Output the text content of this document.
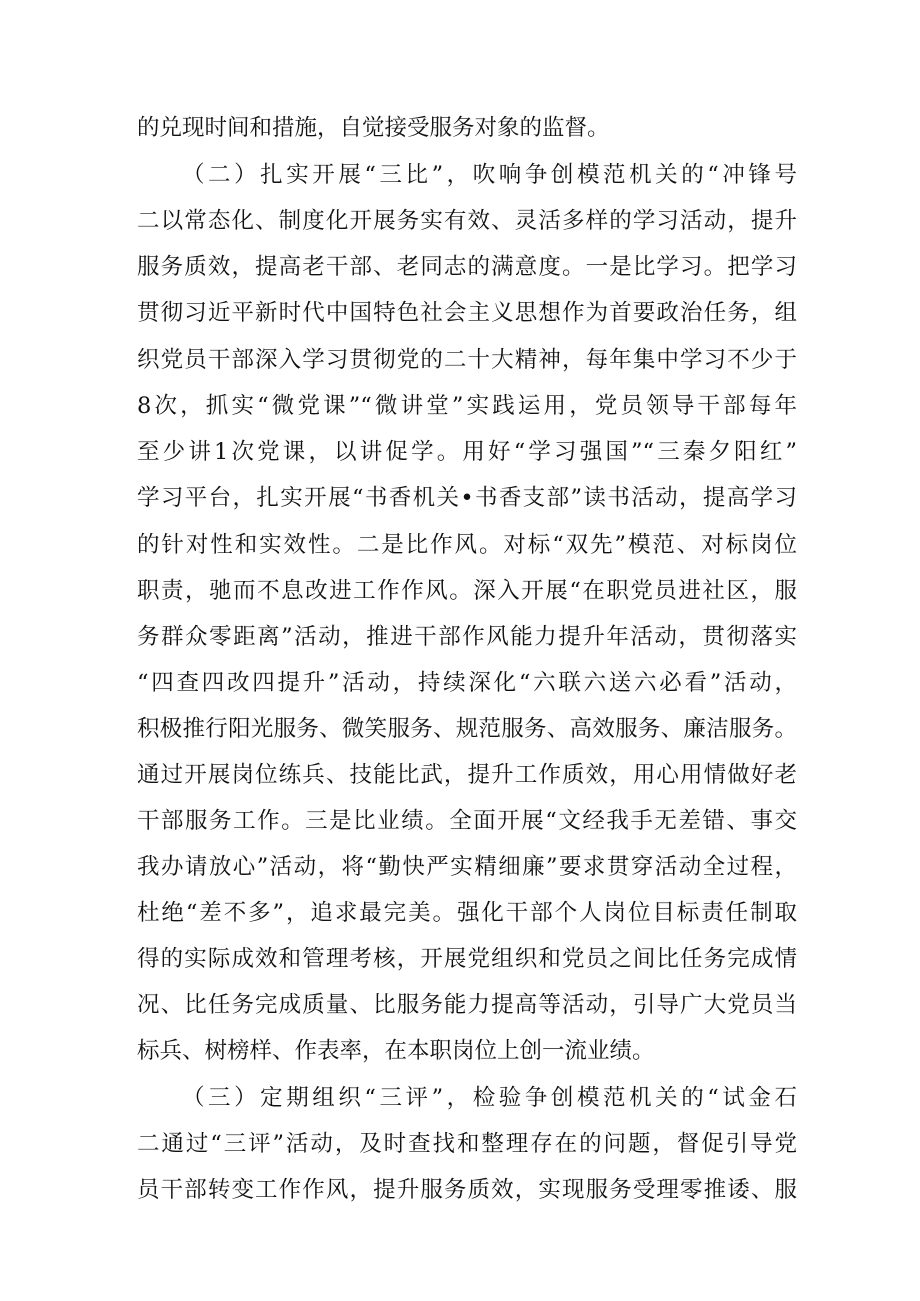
的兑现时间和措施，自觉接受服务对象的监督。
（二）扎实开展“三比”，吹响争创模范机关的“冲锋号
二以常态化、制度化开展务实有效、灵活多样的学习活动，提升
服务质效，提高老干部、老同志的满意度。一是比学习。把学习
贯彻习近平新时代中国特色社会主义思想作为首要政治任务，组
织党员干部深入学习贯彻党的二十大精神，每年集中学习不少于
8次，抓实“微党课”“微讲堂”实践运用，党员领导干部每年
至少讲1次党课，以讲促学。用好“学习强国”“三秦夕阳红”
学习平台，扎实开展“书香机关•书香支部”读书活动，提高学习
的针对性和实效性。二是比作风。对标“双先”模范、对标岗位
职责，驰而不息改进工作作风。深入开展“在职党员进社区，服
务群众零距离”活动，推进干部作风能力提升年活动，贯彻落实
“四查四改四提升”活动，持续深化“六联六送六必看”活动，
积极推行阳光服务、微笑服务、规范服务、高效服务、廉洁服务。
通过开展岗位练兵、技能比武，提升工作质效，用心用情做好老
干部服务工作。三是比业绩。全面开展“文经我手无差错、事交
我办请放心”活动，将“勤快严实精细廉”要求贯穿活动全过程，
杜绝“差不多”，追求最完美。强化干部个人岗位目标责任制取
得的实际成效和管理考核，开展党组织和党员之间比任务完成情
况、比任务完成质量、比服务能力提高等活动，引导广大党员当
标兵、树榜样、作表率，在本职岗位上创一流业绩。
（三）定期组织“三评”，检验争创模范机关的“试金石
二通过“三评”活动，及时查找和整理存在的问题，督促引导党
员干部转变工作作风，提升服务质效，实现服务受理零推诿、服
